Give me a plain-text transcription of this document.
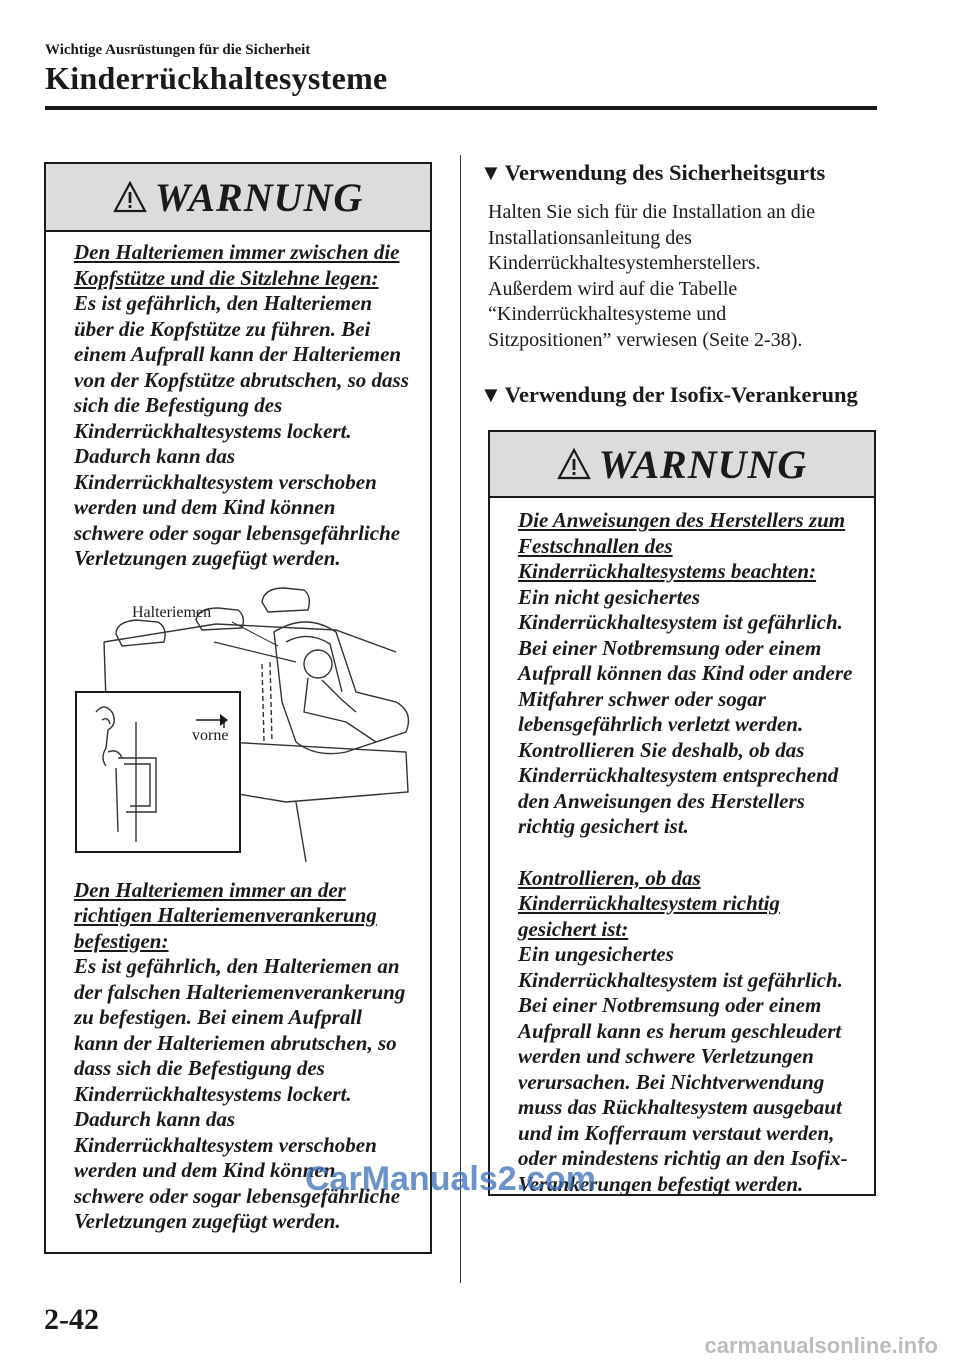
Wichtige Ausrüstungen für die Sicherheit
Kinderrückhaltesysteme
WARNUNG

Den Halteriemen immer zwischen die

Kopfstütze und die Sitzlehne legen:

Es ist gefährlich, den Halteriemen

über die Kopfstütze zu führen. Bei

einem Aufprall kann der Halteriemen

von der Kopfstütze abrutschen, so dass

sich die Befestigung des

Kinderrückhaltesystems lockert.

Dadurch kann das

Kinderrückhaltesystem verschoben

werden und dem Kind können

schwere oder sogar lebensgefährliche

Verletzungen zugefügt werden.

Halteriemen
vorne

Den Halteriemen immer an der

richtigen Halteriemenverankerung

befestigen:

Es ist gefährlich, den Halteriemen an

der falschen Halteriemenverankerung

zu befestigen. Bei einem Aufprall

kann der Halteriemen abrutschen, so

dass sich die Befestigung des

Kinderrückhaltesystems lockert.

Dadurch kann das

Kinderrückhaltesystem verschoben

werden und dem Kind können

schwere oder sogar lebensgefährliche

Verletzungen zugefügt werden.

▼ Verwendung des Sicherheitsgurts
Halten Sie sich für die Installation an die
Installationsanleitung des
Kinderrückhaltesystemherstellers.
Außerdem wird auf die Tabelle
“Kinderrückhaltesysteme und
Sitzpositionen” verwiesen (Seite 2-38).
▼ Verwendung der Isofix-Verankerung
WARNUNG

Die Anweisungen des Herstellers zum

Festschnallen des

Kinderrückhaltesystems beachten:

Ein nicht gesichertes

Kinderrückhaltesystem ist gefährlich.

Bei einer Notbremsung oder einem

Aufprall können das Kind oder andere

Mitfahrer schwer oder sogar

lebensgefährlich verletzt werden.

Kontrollieren Sie deshalb, ob das

Kinderrückhaltesystem entsprechend

den Anweisungen des Herstellers

richtig gesichert ist.

Kontrollieren, ob das

Kinderrückhaltesystem richtig

gesichert ist:

Ein ungesichertes

Kinderrückhaltesystem ist gefährlich.

Bei einer Notbremsung oder einem

Aufprall kann es herum geschleudert

werden und schwere Verletzungen

verursachen. Bei Nichtverwendung

muss das Rückhaltesystem ausgebaut

und im Kofferraum verstaut werden,

oder mindestens richtig an den Isofix-

Verankerungen befestigt werden.

CarManuals2.com
2-42
carmanualsonline.info
